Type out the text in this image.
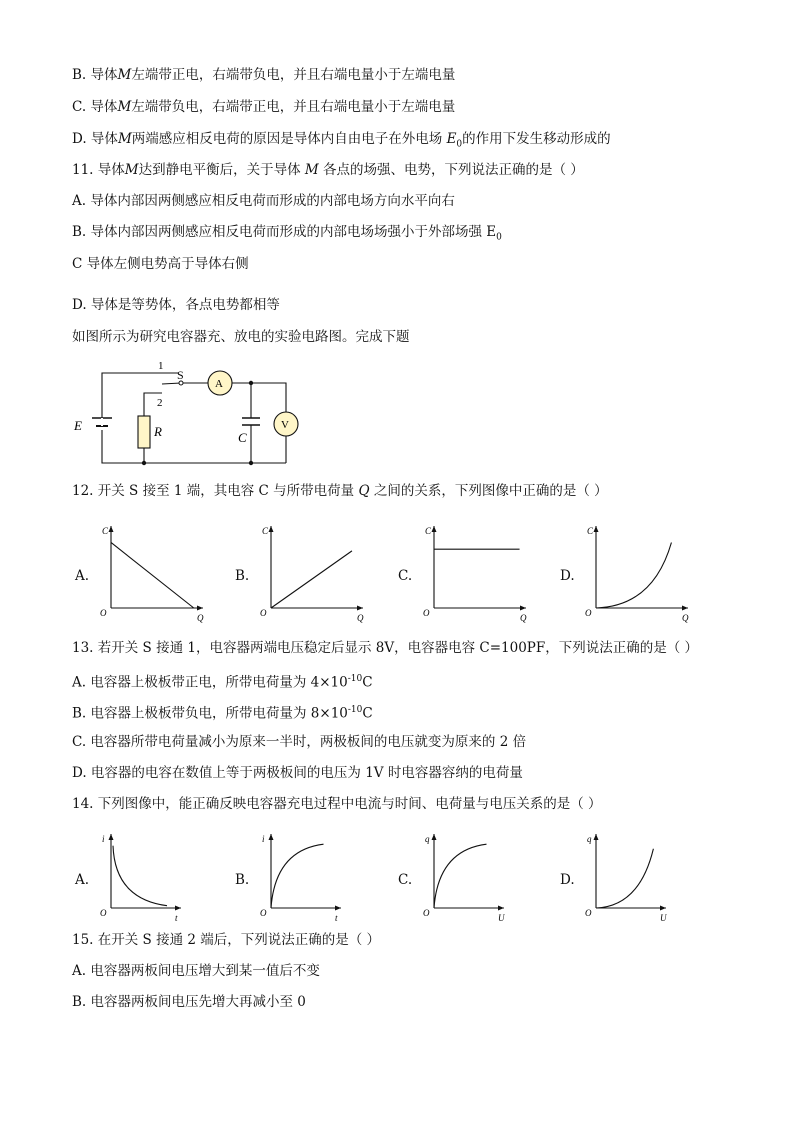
B. 导体M左端带正电，右端带负电，并且右端电量小于左端电量
C. 导体M左端带负电，右端带正电，并且右端电量小于左端电量
D. 导体M两端感应相反电荷的原因是导体内自由电子在外电场 $E_0$的作用下发生移动形成的
11. 导体M达到静电平衡后，关于导体 M 各点的场强、电势，下列说法正确的是（ ）
A. 导体内部因两侧感应相反电荷而形成的内部电场方向水平向右
B. 导体内部因两侧感应相反电荷而形成的内部电场场强小于外部场强 $E_0$
C 导体左侧电势高于导体右侧
D. 导体是等势体，各点电势都相等
如图所示为研究电容器充、放电的实验电路图。完成下题
1
S
2
A
V
E	R	C
12. 开关 S 接至 1 端，其电容 C 与所带电荷量 Q 之间的关系，下列图像中正确的是（ ）
A.
C
Q
O
B.
C
Q
O
C.
C
Q
O
D.
C
Q
O
13. 若开关 S 接通 1，电容器两端电压稳定后显示 8V，电容器电容 C=100PF，下列说法正确的是（ ）
A. 电容器上极板带正电，所带电荷量为 $4\times 10^{-10}C$
B. 电容器上极板带负电，所带电荷量为 $8\times 10^{-10}C$
C. 电容器所带电荷量减小为原来一半时，两极板间的电压就变为原来的 2 倍
D. 电容器的电容在数值上等于两极板间的电压为 1V 时电容器容纳的电荷量
14. 下列图像中，能正确反映电容器充电过程中电流与时间、电荷量与电压关系的是（ ）
A.
i
t
O
B.
i
t
O
C.
q
U
O
D.
q
U
O
15. 在开关 S 接通 2 端后，下列说法正确的是（ ）
A. 电容器两板间电压增大到某一值后不变
B. 电容器两板间电压先增大再减小至 0
